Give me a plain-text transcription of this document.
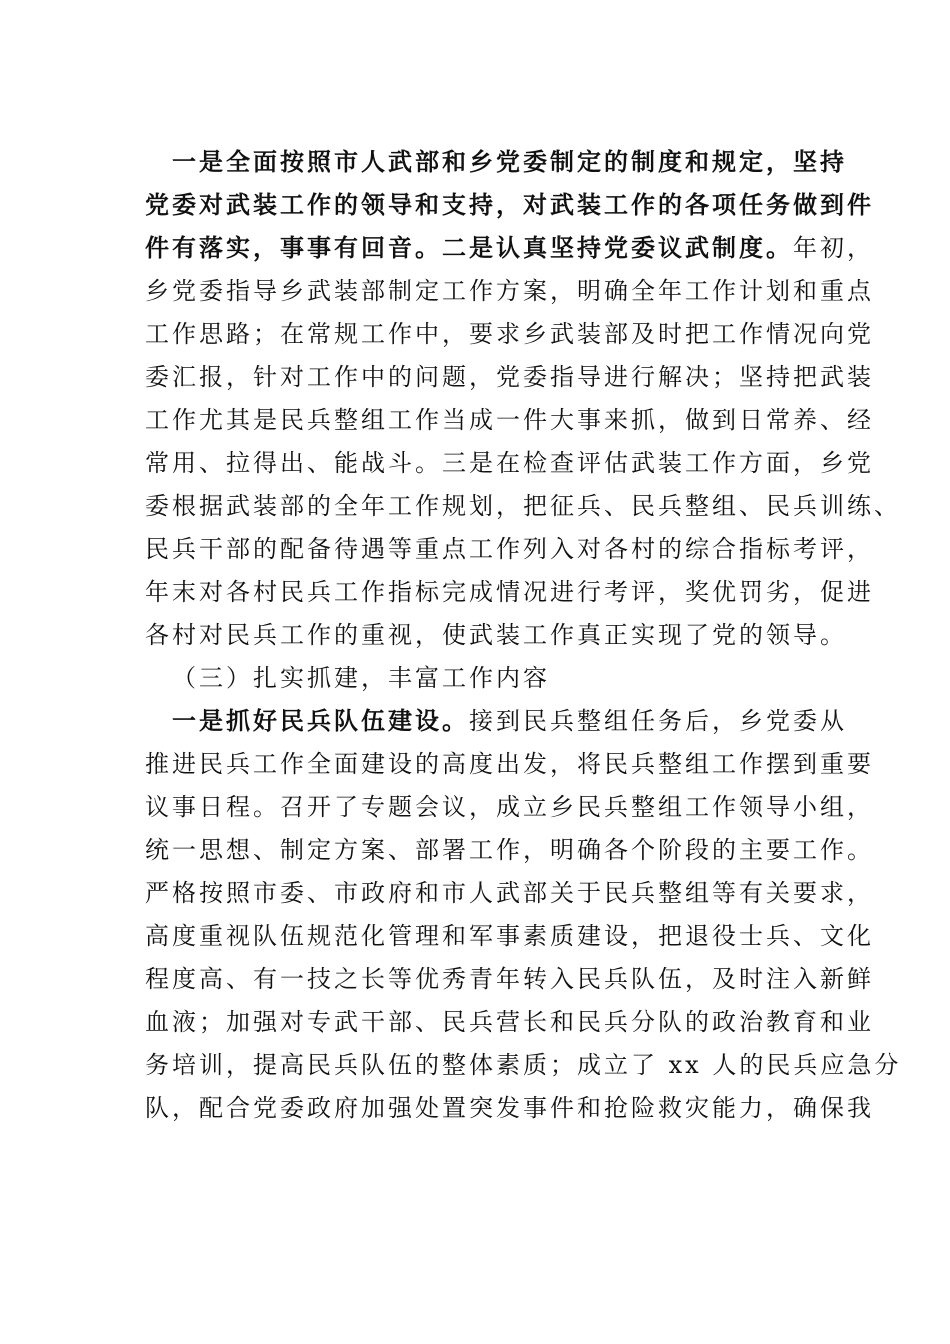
一是全面按照市人武部和乡党委制定的制度和规定，坚持
党委对武装工作的领导和支持，对武装工作的各项任务做到件
件有落实，事事有回音。二是认真坚持党委议武制度。年初，
乡党委指导乡武装部制定工作方案，明确全年工作计划和重点
工作思路；在常规工作中，要求乡武装部及时把工作情况向党
委汇报，针对工作中的问题，党委指导进行解决；坚持把武装
工作尤其是民兵整组工作当成一件大事来抓，做到日常养、经
常用、拉得出、能战斗。三是在检查评估武装工作方面，乡党
委根据武装部的全年工作规划，把征兵、民兵整组、民兵训练、
民兵干部的配备待遇等重点工作列入对各村的综合指标考评，
年末对各村民兵工作指标完成情况进行考评，奖优罚劣，促进
各村对民兵工作的重视，使武装工作真正实现了党的领导。
（三）扎实抓建，丰富工作内容
一是抓好民兵队伍建设。接到民兵整组任务后，乡党委从
推进民兵工作全面建设的高度出发，将民兵整组工作摆到重要
议事日程。召开了专题会议，成立乡民兵整组工作领导小组，
统一思想、制定方案、部署工作，明确各个阶段的主要工作。
严格按照市委、市政府和市人武部关于民兵整组等有关要求，
高度重视队伍规范化管理和军事素质建设，把退役士兵、文化
程度高、有一技之长等优秀青年转入民兵队伍，及时注入新鲜
血液；加强对专武干部、民兵营长和民兵分队的政治教育和业
务培训，提高民兵队伍的整体素质；成立了 xx 人的民兵应急分
队，配合党委政府加强处置突发事件和抢险救灾能力，确保我
